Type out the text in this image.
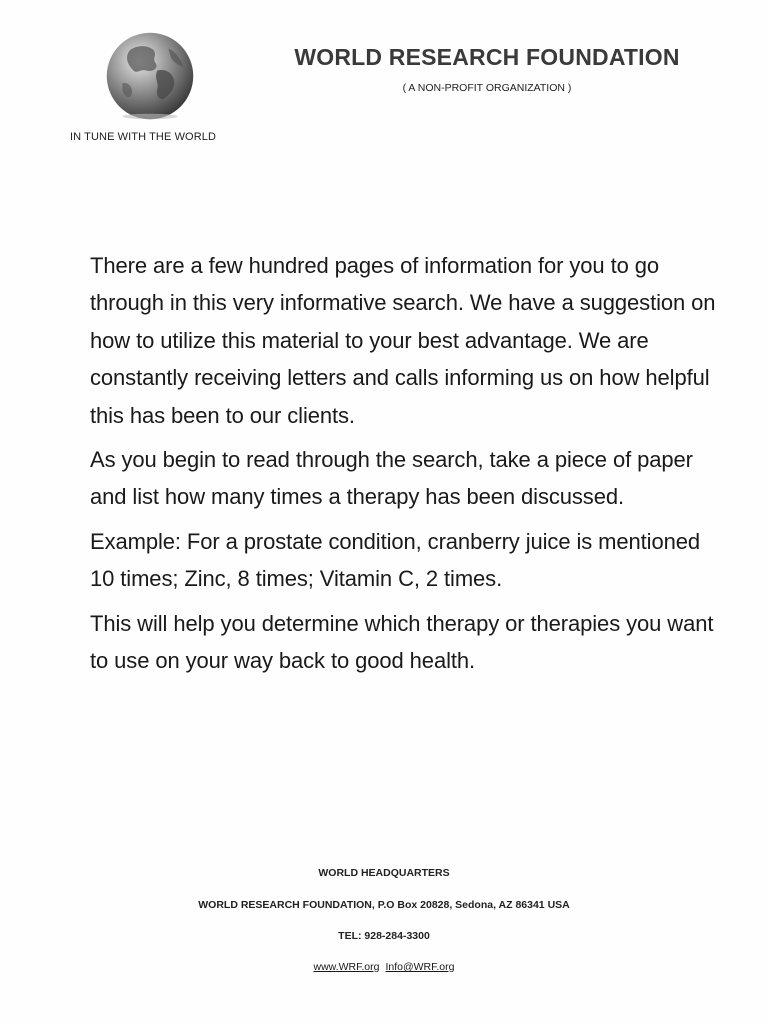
IN TUNE WITH THE WORLD
WORLD RESEARCH FOUNDATION
( A NON-PROFIT ORGANIZATION )

There are a few hundred pages of information for you to go through in this very informative search. We have a suggestion on how to utilize this material to your best advantage. We are constantly receiving letters and calls informing us on how helpful this has been to our clients.

As you begin to read through the search, take a piece of paper and list how many times a therapy has been discussed.

Example: For a prostate condition, cranberry juice is mentioned 10 times; Zinc, 8 times; Vitamin C, 2 times.

This will help you determine which therapy or therapies you want to use on your way back to good health.

WORLD HEADQUARTERS
WORLD RESEARCH FOUNDATION, P.O Box 20828, Sedona, AZ 86341 USA
TEL: 928-284-3300
www.WRF.org Info@WRF.org
